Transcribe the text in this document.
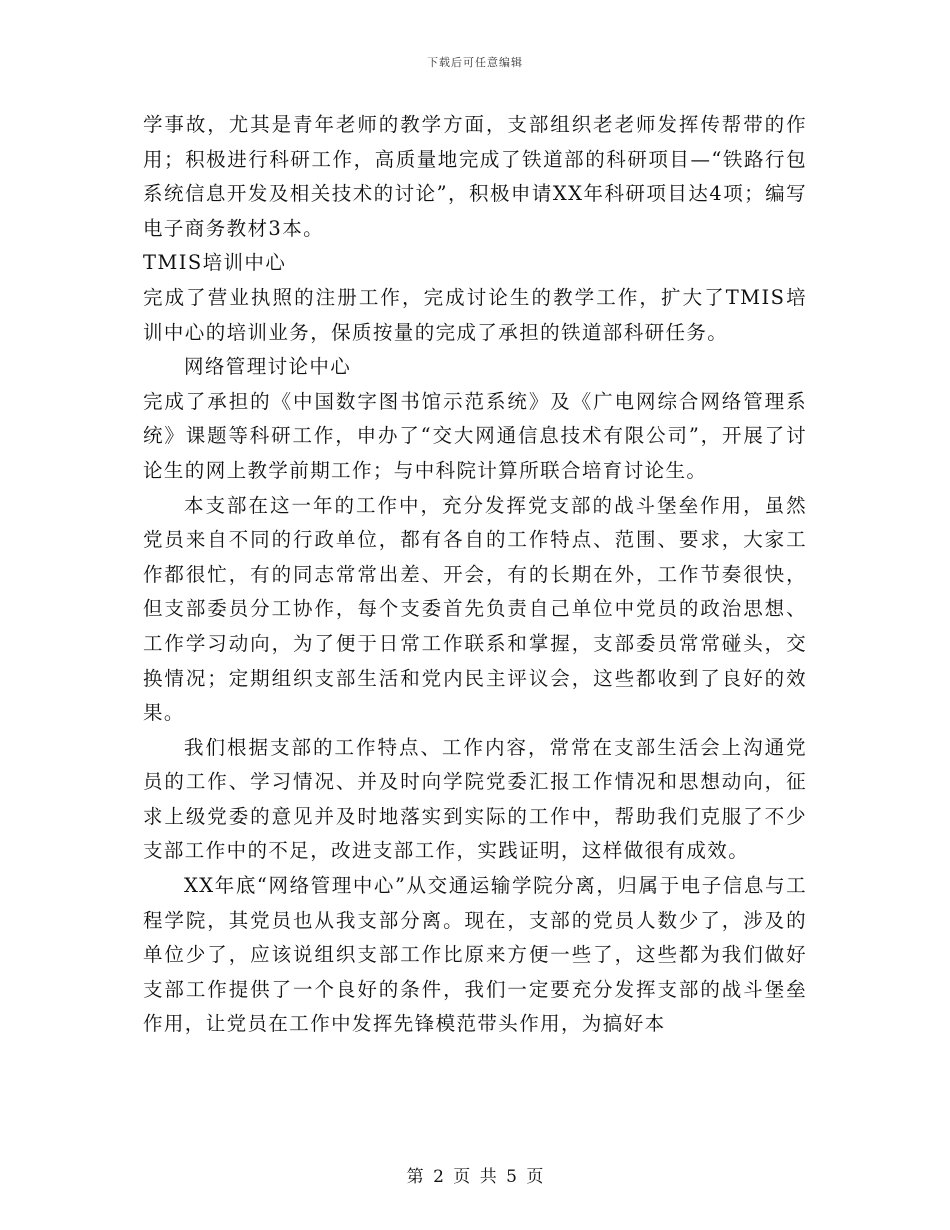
下载后可任意编辑

学事故，尤其是青年老师的教学方面，支部组织老老师发挥传帮带的作用；积极进行科研工作，高质量地完成了铁道部的科研项目—“铁路行包系统信息开发及相关技术的讨论”，积极申请XX年科研项目达4项；编写电子商务教材3本。

TMIS培训中心

完成了营业执照的注册工作，完成讨论生的教学工作，扩大了TMIS培训中心的培训业务，保质按量的完成了承担的铁道部科研任务。

网络管理讨论中心

完成了承担的《中国数字图书馆示范系统》及《广电网综合网络管理系统》课题等科研工作，申办了“交大网通信息技术有限公司”，开展了讨论生的网上教学前期工作；与中科院计算所联合培育讨论生。

本支部在这一年的工作中，充分发挥党支部的战斗堡垒作用，虽然党员来自不同的行政单位，都有各自的工作特点、范围、要求，大家工作都很忙，有的同志常常出差、开会，有的长期在外，工作节奏很快，但支部委员分工协作，每个支委首先负责自己单位中党员的政治思想、工作学习动向，为了便于日常工作联系和掌握，支部委员常常碰头，交换情况；定期组织支部生活和党内民主评议会，这些都收到了良好的效果。

我们根据支部的工作特点、工作内容，常常在支部生活会上沟通党员的工作、学习情况、并及时向学院党委汇报工作情况和思想动向，征求上级党委的意见并及时地落实到实际的工作中，帮助我们克服了不少支部工作中的不足，改进支部工作，实践证明，这样做很有成效。

XX年底“网络管理中心”从交通运输学院分离，归属于电子信息与工程学院，其党员也从我支部分离。现在，支部的党员人数少了，涉及的单位少了，应该说组织支部工作比原来方便一些了，这些都为我们做好支部工作提供了一个良好的条件，我们一定要充分发挥支部的战斗堡垒作用，让党员在工作中发挥先锋模范带头作用，为搞好本

第 2 页 共 5 页
